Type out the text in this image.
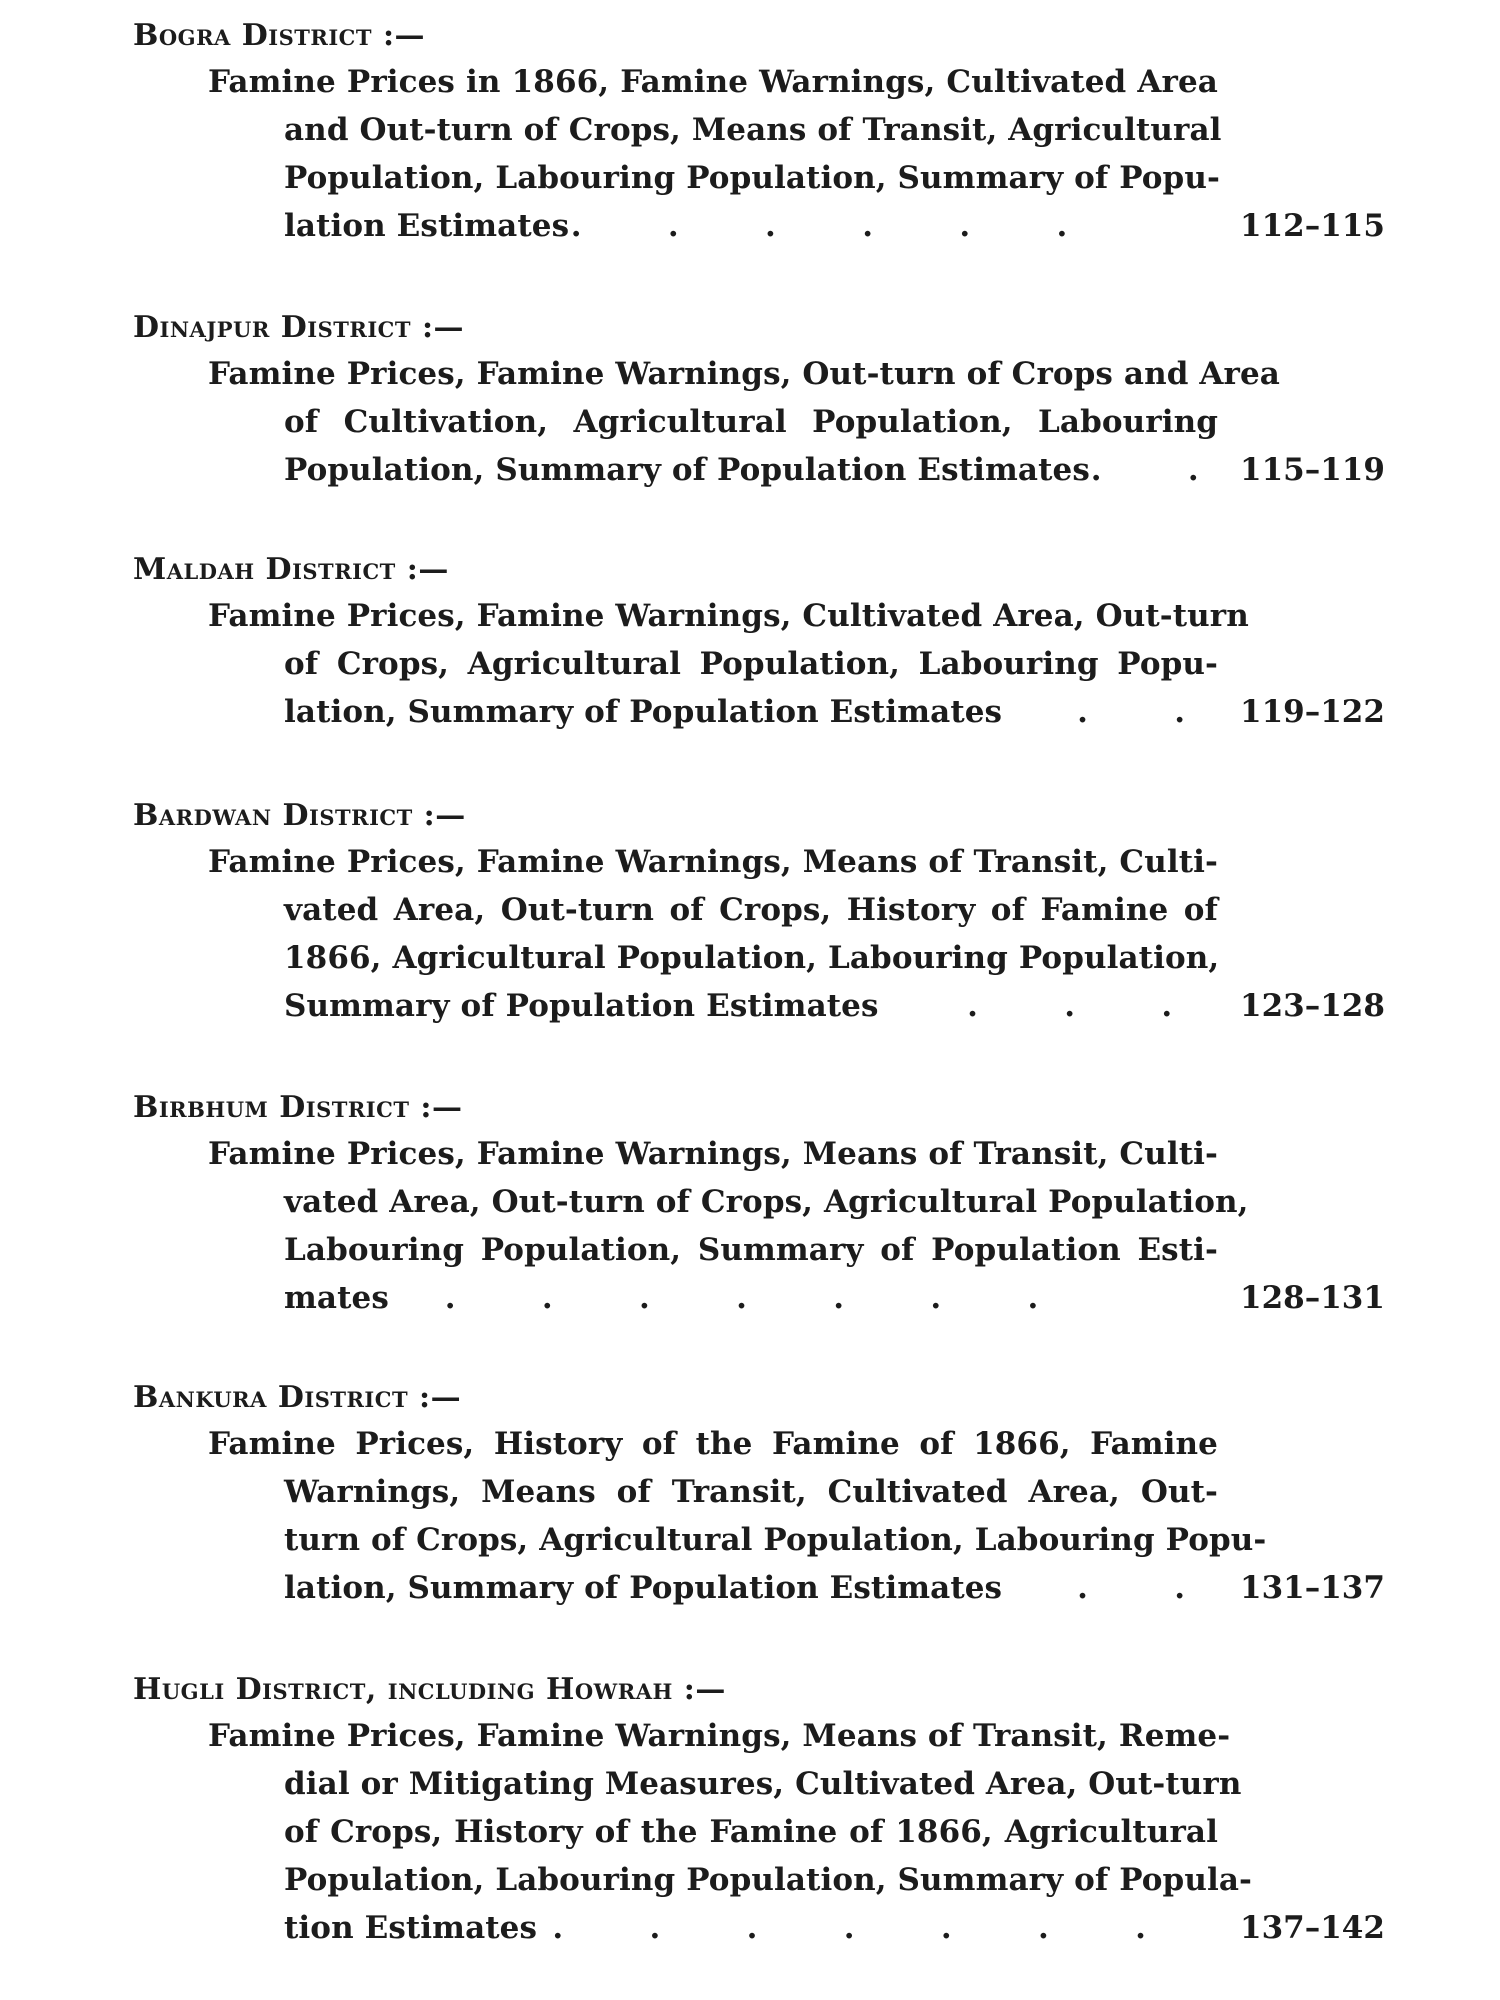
Bogra District :—
Famine Prices in 1866, Famine Warnings, Cultivated Area
and Out-turn of Crops, Means of Transit, Agricultural
Population, Labouring Population, Summary of Popu-
lation Estimates
.        .        .        .        .        .	112–115
Dinajpur District :—
Famine Prices, Famine Warnings, Out-turn of Crops and Area
of Cultivation, Agricultural Population, Labouring
Population, Summary of Population Estimates
.        . 115–119
Maldah District :—
Famine Prices, Famine Warnings, Cultivated Area, Out-turn
of Crops, Agricultural Population, Labouring Popu-
lation, Summary of Population Estimates
.        . 119–122
Bardwan District :—
Famine Prices, Famine Warnings, Means of Transit, Culti-
vated Area, Out-turn of Crops, History of Famine of
1866, Agricultural Population, Labouring Population,
Summary of Population Estimates
.        .        . 123–128
Birbhum District :—
Famine Prices, Famine Warnings, Means of Transit, Culti-
vated Area, Out-turn of Crops, Agricultural Population,
Labouring Population, Summary of Population Esti-
mates
.        .        .        .        .        .        .	128–131
Bankura District :—
Famine Prices, History of the Famine of 1866, Famine
Warnings, Means of Transit, Cultivated Area, Out-
turn of Crops, Agricultural Population, Labouring Popu-
lation, Summary of Population Estimates
.        . 131–137
Hugli District, including Howrah :—
Famine Prices, Famine Warnings, Means of Transit, Reme-
dial or Mitigating Measures, Cultivated Area, Out-turn
of Crops, History of the Famine of 1866, Agricultural
Population, Labouring Population, Summary of Popula-
tion Estimates
.        .        .        .        .        .        .	137–142
